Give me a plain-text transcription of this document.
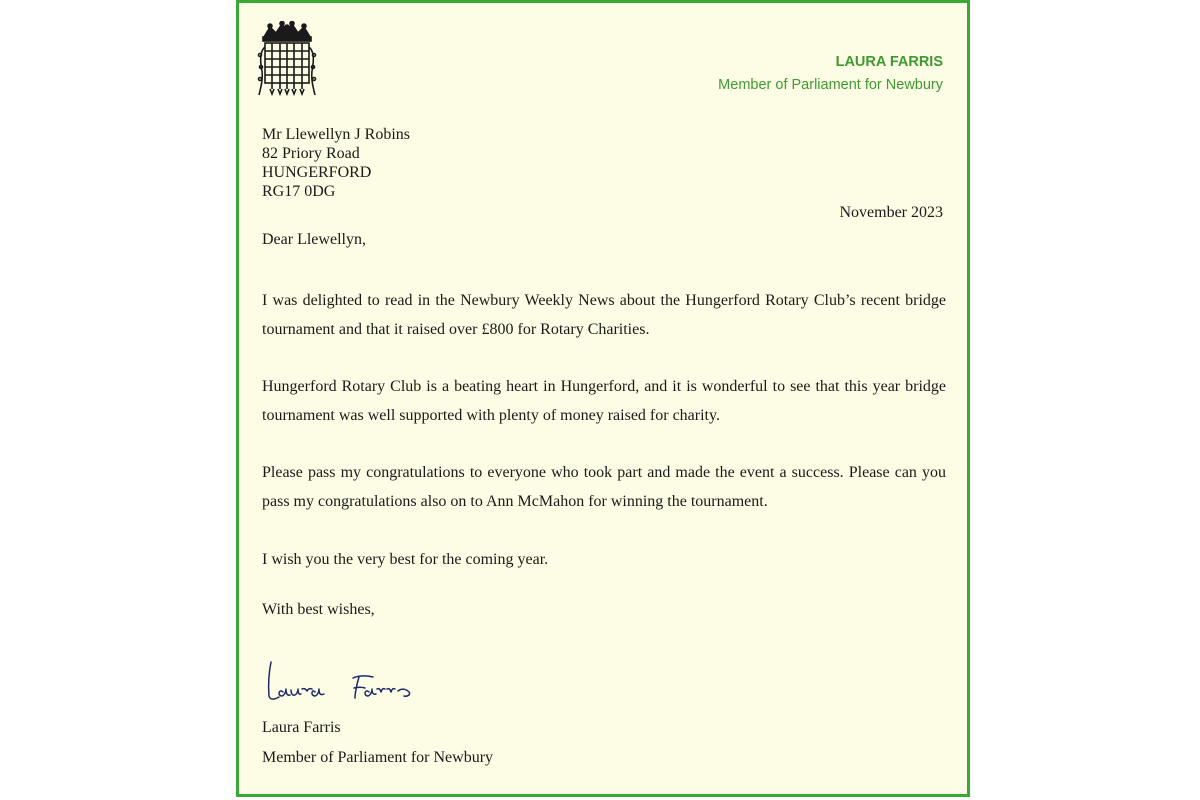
LAURA FARRIS

Member of Parliament for Newbury

Mr Llewellyn J Robins
82 Priory Road
HUNGERFORD
RG17 0DG

November 2023

Dear Llewellyn,

I was delighted to read in the Newbury Weekly News about the Hungerford Rotary Club’s recent bridge tournament and that it raised over £800 for Rotary Charities.

Hungerford Rotary Club is a beating heart in Hungerford, and it is wonderful to see that this year bridge tournament was well supported with plenty of money raised for charity.

Please pass my congratulations to everyone who took part and made the event a success. Please can you pass my congratulations also on to Ann McMahon for winning the tournament.

I wish you the very best for the coming year.

With best wishes,

Laura Farris

Member of Parliament for Newbury
